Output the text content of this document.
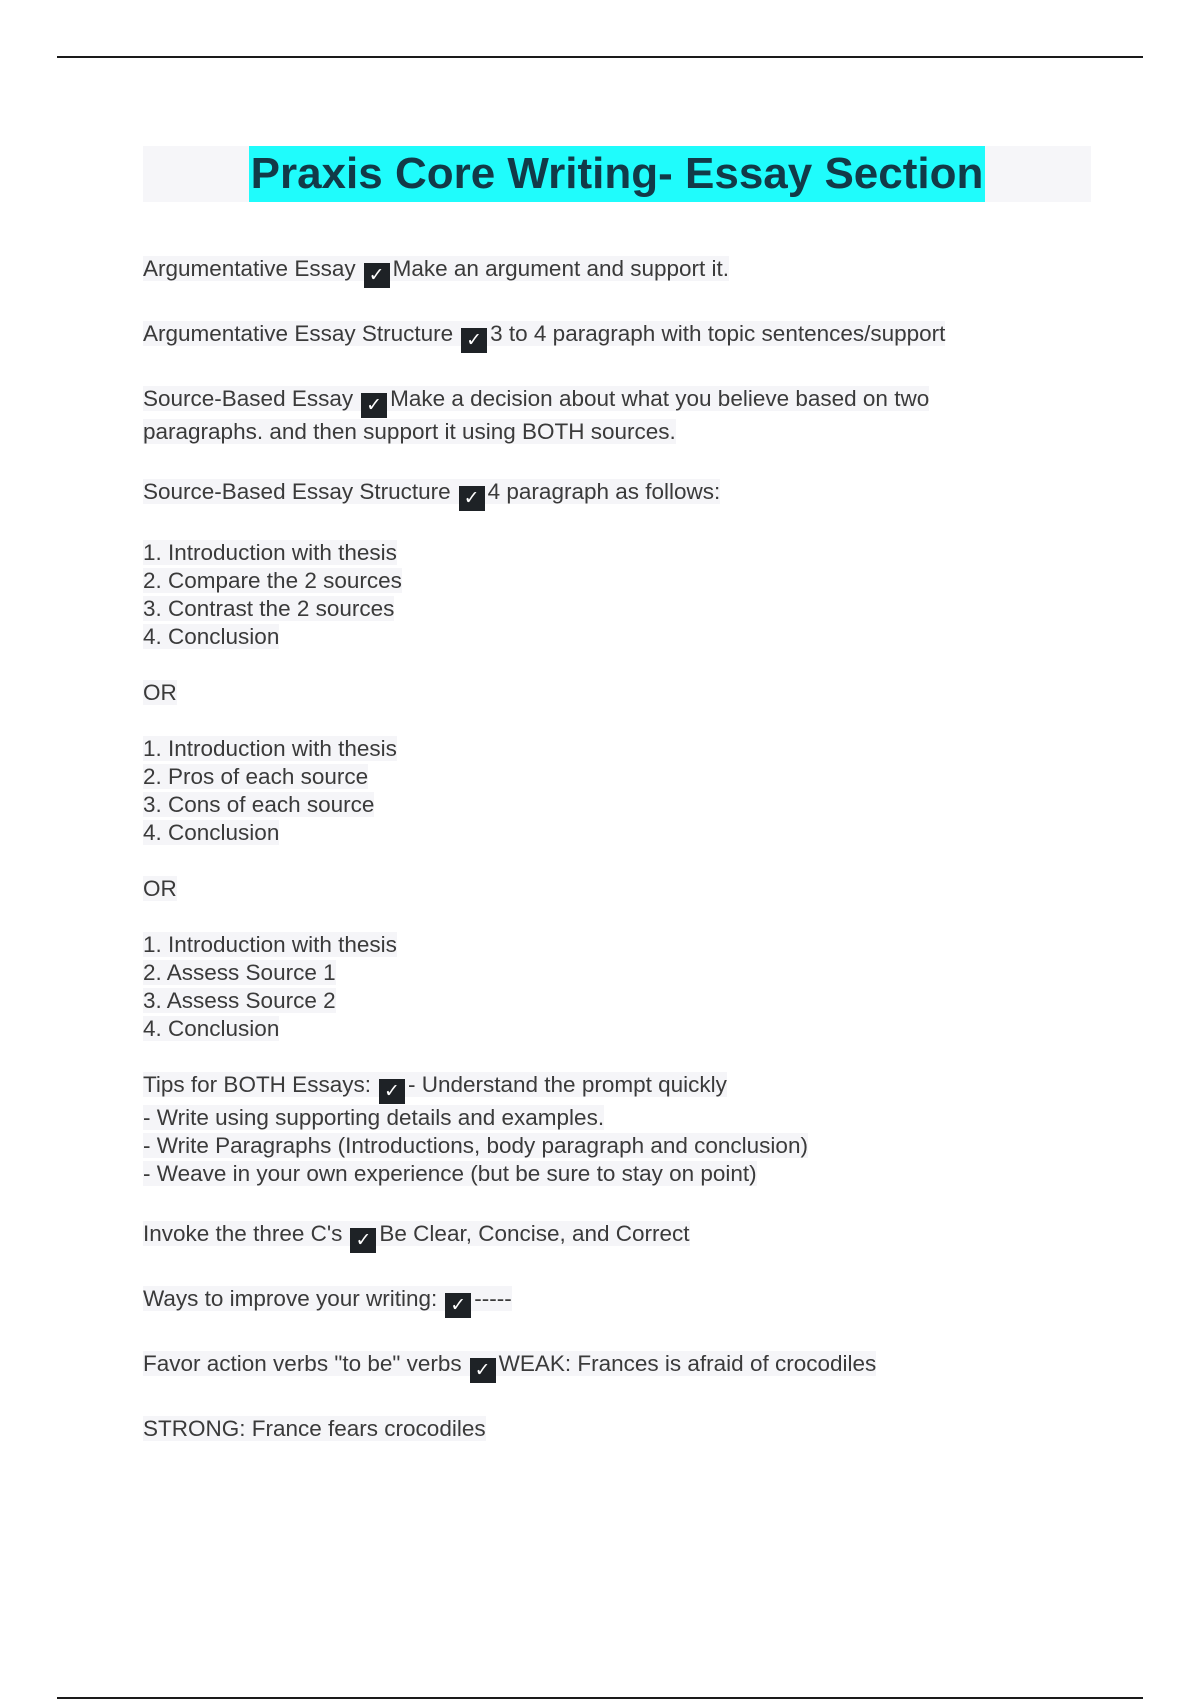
Praxis Core Writing- Essay Section

Argumentative Essay ✓ Make an argument and support it.

Argumentative Essay Structure ✓ 3 to 4 paragraph with topic sentences/support

Source-Based Essay ✓ Make a decision about what you believe based on two
paragraphs. and then support it using BOTH sources.

Source-Based Essay Structure ✓ 4 paragraph as follows:

1. Introduction with thesis
2. Compare the 2 sources
3. Contrast the 2 sources
4. Conclusion

OR

1. Introduction with thesis
2. Pros of each source
3. Cons of each source
4. Conclusion

OR

1. Introduction with thesis
2. Assess Source 1
3. Assess Source 2
4. Conclusion

Tips for BOTH Essays: ✓ - Understand the prompt quickly
- Write using supporting details and examples.
- Write Paragraphs (Introductions, body paragraph and conclusion)
- Weave in your own experience (but be sure to stay on point)

Invoke the three C's ✓ Be Clear, Concise, and Correct

Ways to improve your writing: ✓ -----

Favor action verbs "to be" verbs ✓ WEAK: Frances is afraid of crocodiles

STRONG: France fears crocodiles
